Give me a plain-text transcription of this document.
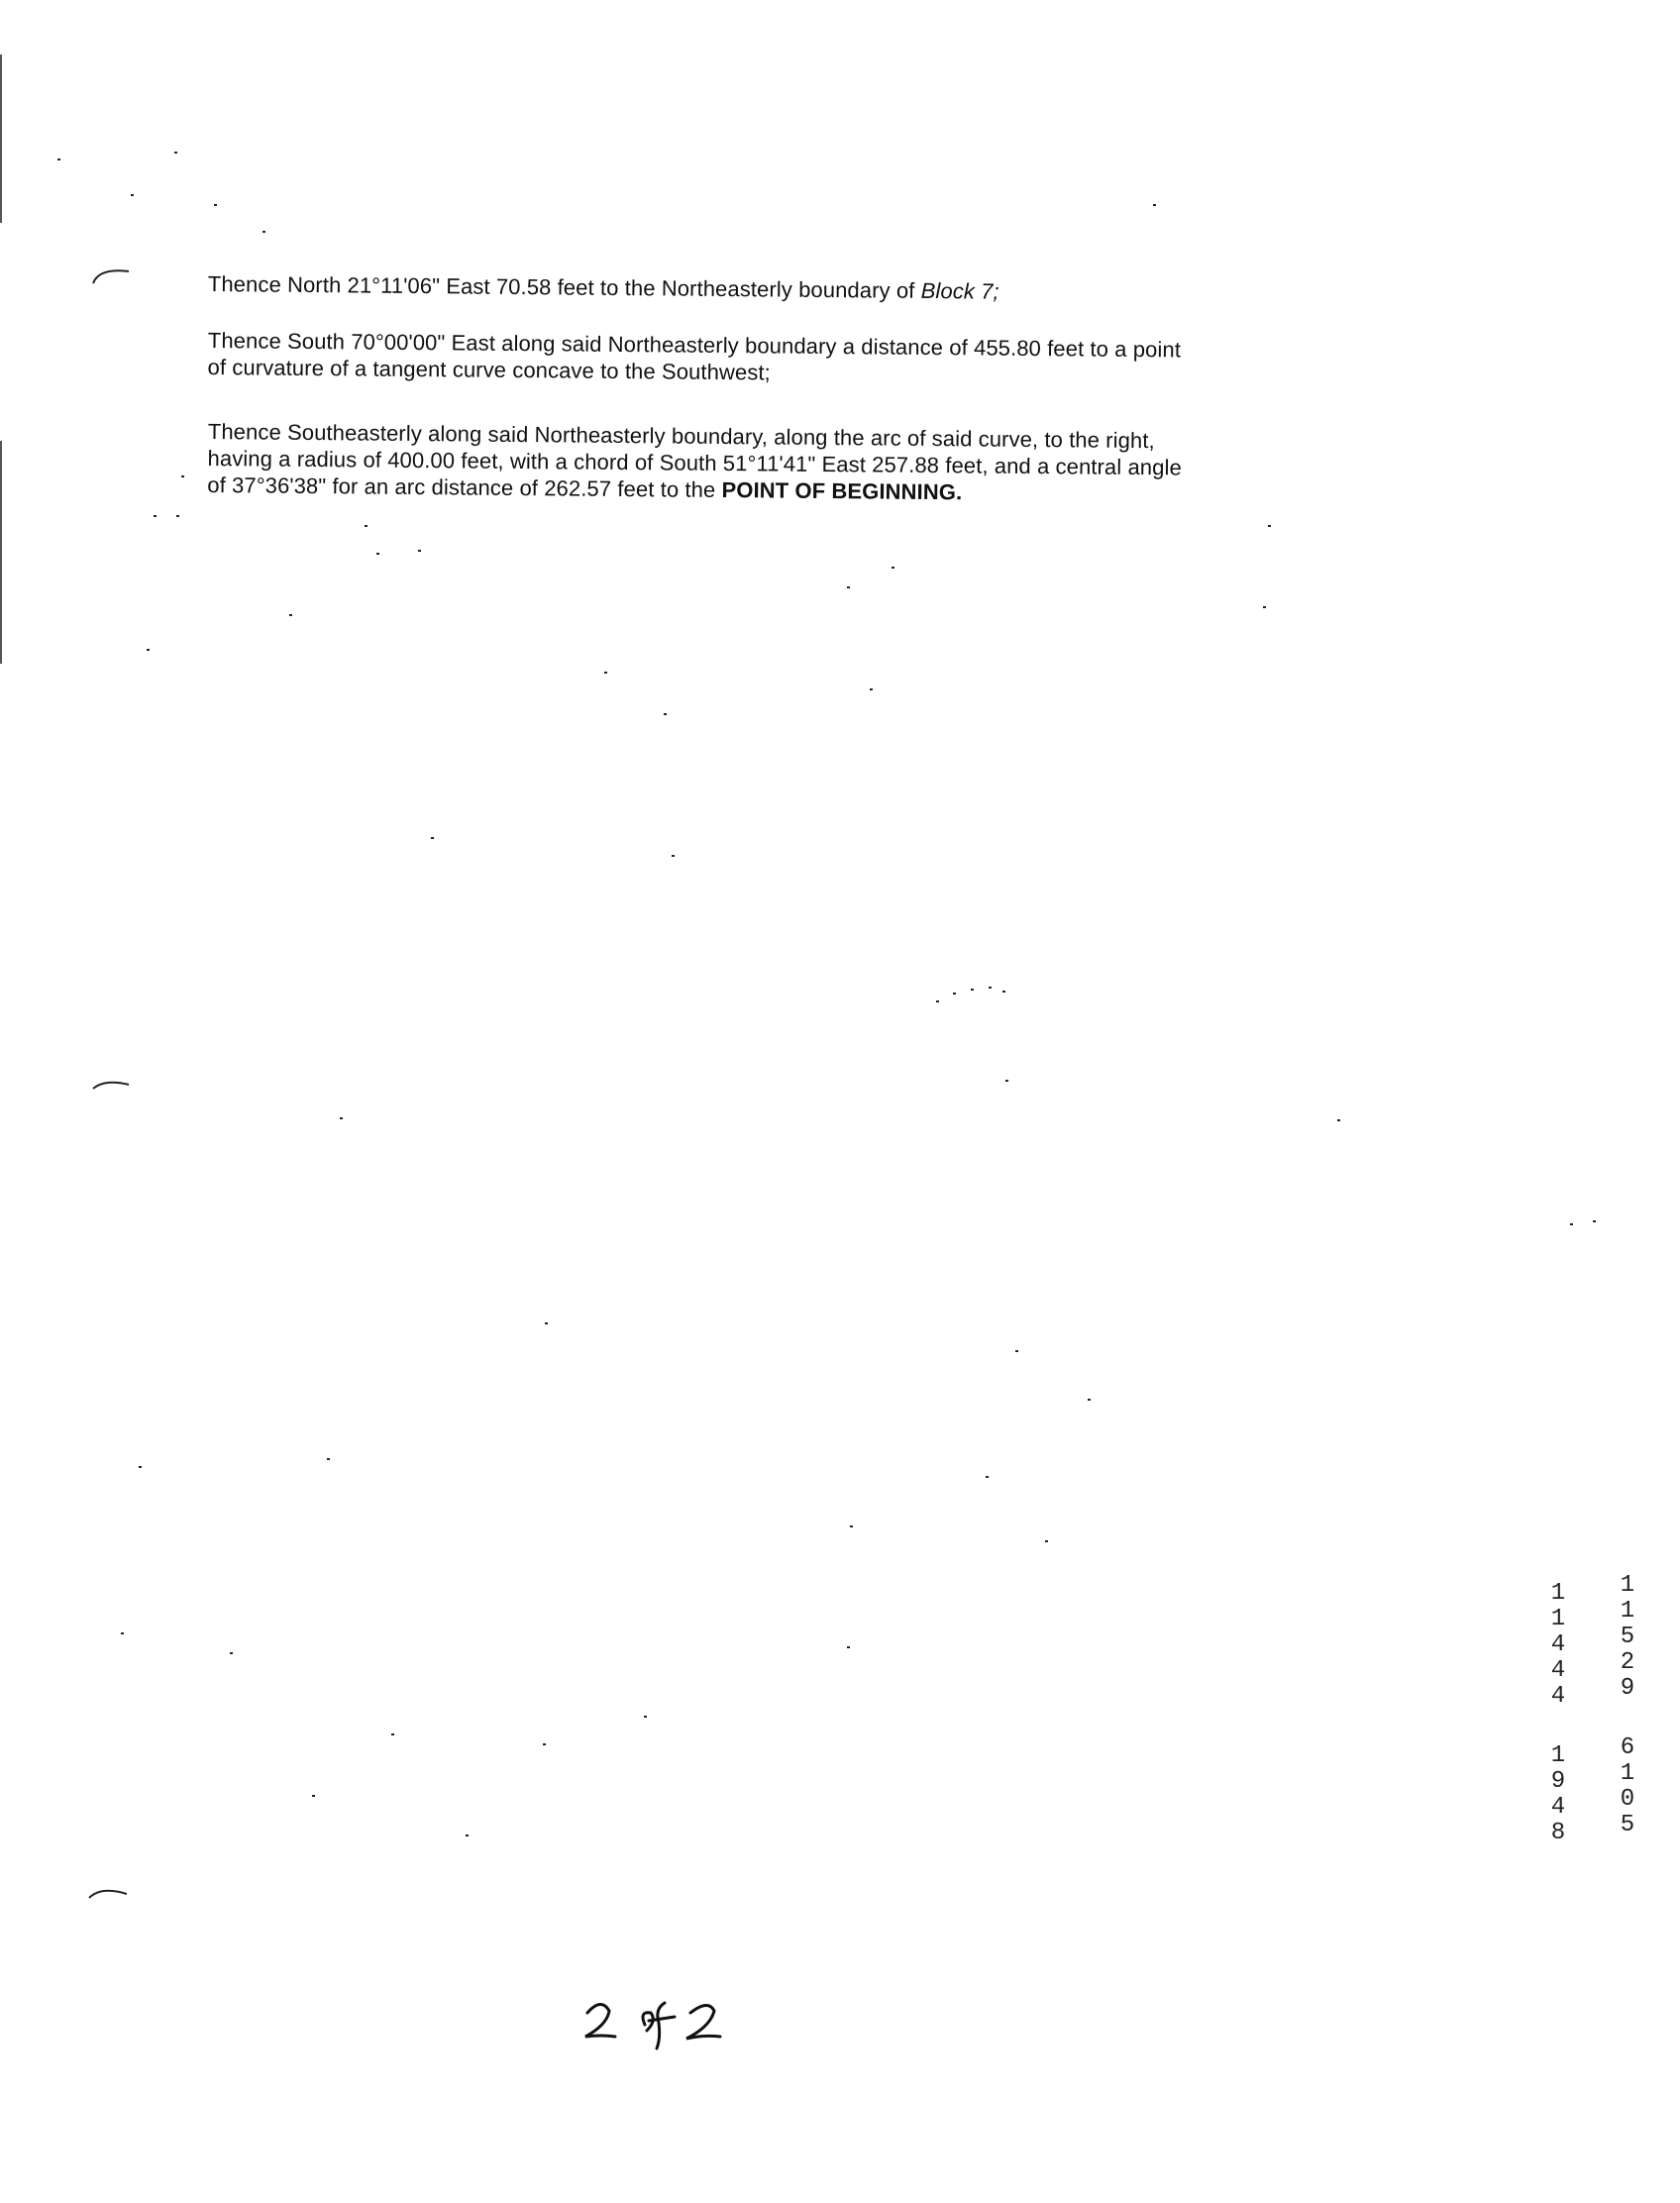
Thence North 21°11'06" East 70.58 feet to the Northeasterly boundary of Block 7;
Thence South 70°00'00" East along said Northeasterly boundary a distance of 455.80 feet to a point
of curvature of a tangent curve concave to the Southwest;
Thence Southeasterly along said Northeasterly boundary, along the arc of said curve, to the right,
having a radius of 400.00 feet, with a chord of South 51°11'41" East 257.88 feet, and a central angle
of 37°36'38" for an arc distance of 262.57 feet to the POINT OF BEGINNING.
1
1
4
4
4
1
9
4
8
1
1
5
2
9
6
1
0
5
